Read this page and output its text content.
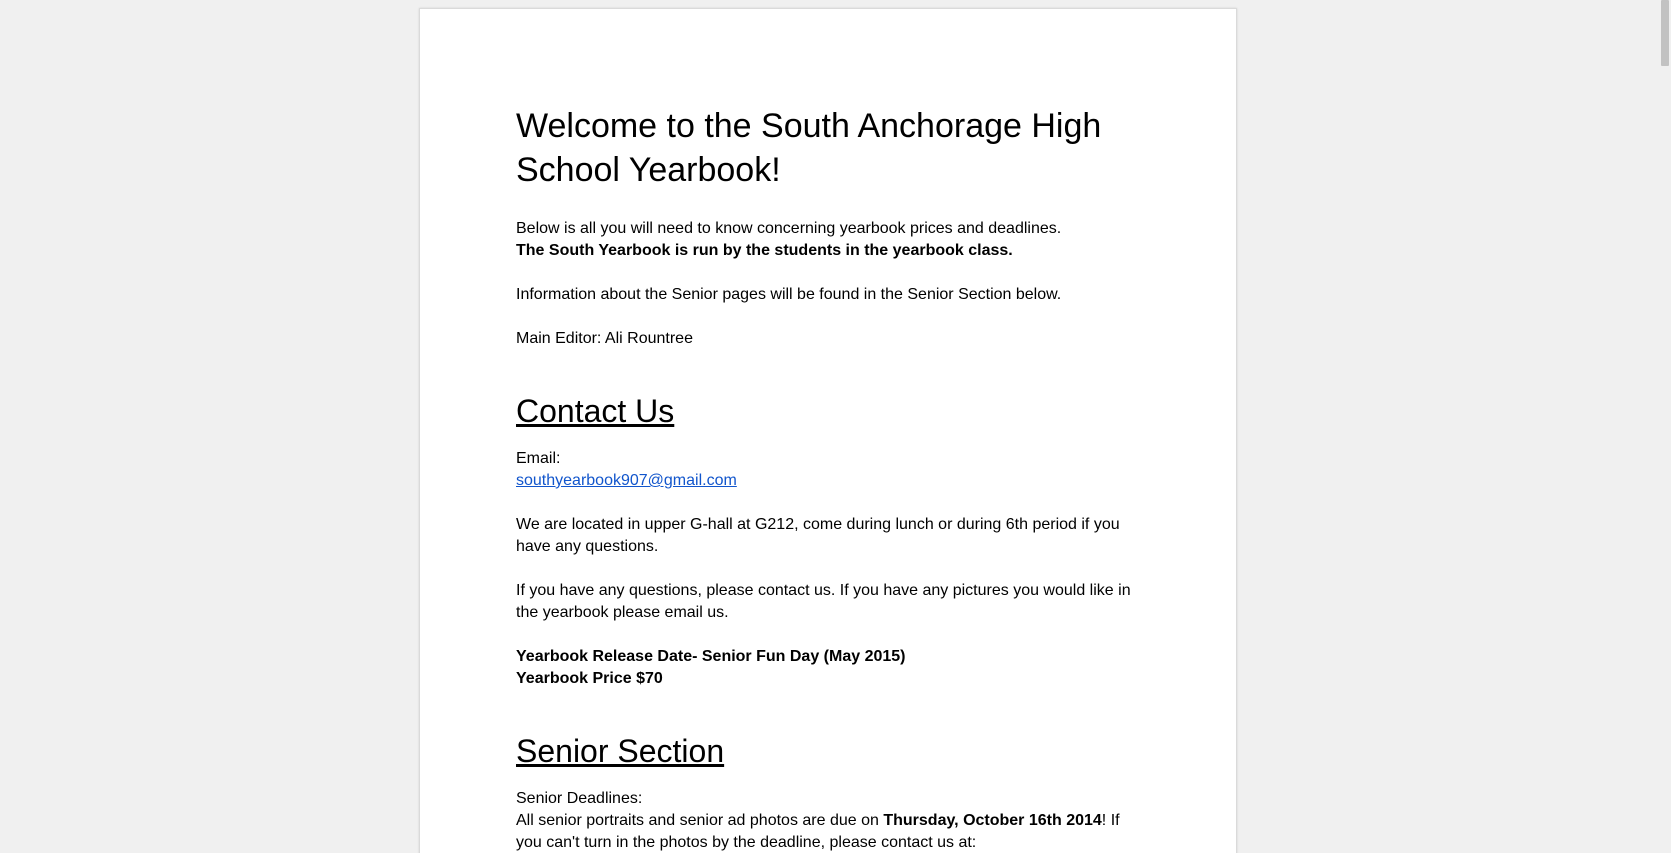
Welcome to the South Anchorage High School Yearbook!

Below is all you will need to know concerning yearbook prices and deadlines.

The South Yearbook is run by the students in the yearbook class.

Information about the Senior pages will be found in the Senior Section below.

Main Editor: Ali Rountree

Contact Us

Email:

southyearbook907@gmail.com

We are located in upper G-hall at G212, come during lunch or during 6th period if you have any questions.

If you have any questions, please contact us. If you have any pictures you would like in the yearbook please email us.

Yearbook Release Date- Senior Fun Day (May 2015)

Yearbook Price $70

Senior Section

Senior Deadlines:

All senior portraits and senior ad photos are due on Thursday, October 16th 2014! If you can't turn in the photos by the deadline, please contact us at:
